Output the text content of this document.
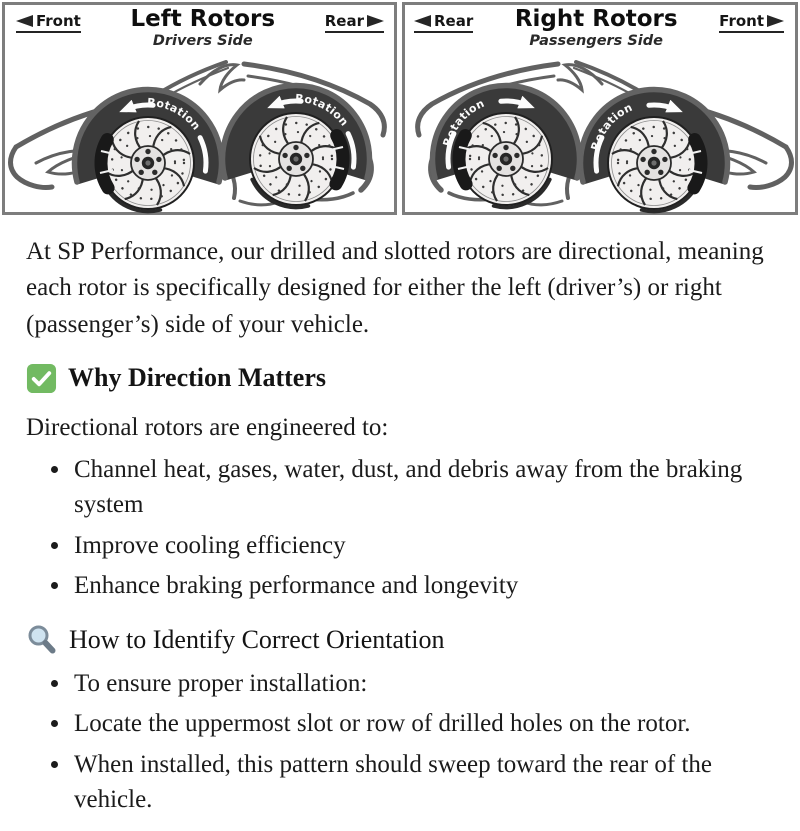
Front Left Rotors
Drivers Side
Rear	Rear Right Rotors
Passengers Side
Front

At SP Performance, our drilled and slotted rotors are directional, meaning each rotor is specifically designed for either the left (driver’s) or right (passenger’s) side of your vehicle.

Why Direction Matters

Directional rotors are engineered to:

• Channel heat, gases, water, dust, and debris away from the braking system
• Improve cooling efficiency
• Enhance braking performance and longevity
How to Identify Correct Orientation
• To ensure proper installation:
• Locate the uppermost slot or row of drilled holes on the rotor.
• When installed, this pattern should sweep toward the rear of the vehicle.
